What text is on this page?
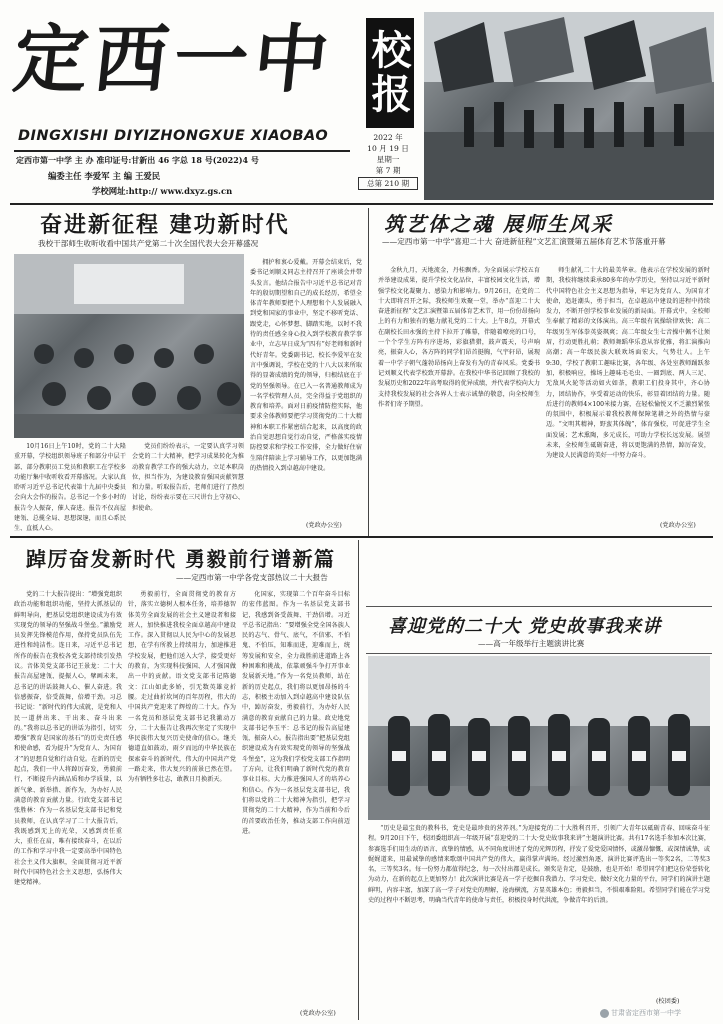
定西一中 校报
DINGXISHI DIYIZHONGXUE XIAOBAO
定西市第一中学 主 办 准印证号:甘新出 46 字总 18 号(2022)4 号
编委主任 李爱军 主 编 王爱民
学校网址:http:// www.dxyz.gs.cn
2022 年
10 月 19 日
星期一
第 7 期
总第 210 期
奋进新征程 建功新时代
我校干部师生收听收看中国共产党第二十次全国代表大会开幕盛况
10月16日上午10时，党的二十大隆重开幕，学校组织领导班子和部分中层干部、部分教职员工党员和教职工在学校多功能厅集中收听收看开幕盛况。大家认真聆听习近平总书记代表第十九届中央委员会向大会作的报告。总书记一个多小时的报告令人振奋，催人奋进。报告不仅高屋建瓴、总揽全局、思想深邃，而且心系民生、直抵人心。
党员们纷纷表示，一定要认真学习领会党的二十大精神，把学习成果转化为推动教育教学工作的强大动力，立足本职岗位，担当作为，为建设教育强国贡献智慧和力量。听取报告后，老师们进行了热烈讨论，纷纷表示要在三尺讲台上守初心、担使命。
拥护和衷心爱戴。开幕会结束后，党委书记刘顺义同志主持召开了座谈会并带头发言。他结合报告中习近平总书记对青年的殷切期望和自己的成长经历，希望全体青年教师要把个人理想和个人发展融入到党和国家的事业中，坚定不移听党话、跟党走，心怀梦想、脚踏实地，以时不我待的责任感全身心投入到学校教育教学事业中，立志早日成为“四有”好老师和新时代好青年。党委副书记、校长李爱军在发言中强调说，学校在党的十八大以来所取得的显著成绩的党的领导，归根结底在于党的坚强领导。在已入一名普通教师成为一名学校管理人员，完全得益于党组织的教育和培养。面对日前疫情防控实际，他要求全体教师要把学习贯彻党的二十大精神和本职工作紧密结合起来，以高度的政治自觉思想自觉行动自觉，严格落实疫情防控要求和学校工作安排，全力做好住宿生陪伴陪读上学习辅导工作，以更加饱满的热情投入到卓越高中建设。
(党政办公室)
筑艺体之魂 展师生风采
——定西市第一中学“喜迎二十大 奋进新征程”文艺汇演暨第五届体育艺术节落重开幕
金秋九月，天地流金，丹桂飘香。为全面展示学校五育并举建设成果，提升学校文化品位，丰富校园文化生活，增强学校文化凝聚力、感染力和影响力。9月26日，在党的二十大即将召开之际，我校师生欢聚一堂，举办“喜迎二十大 奋进新征程”文艺汇演暨第五届体育艺术节，用一份份昂扬向上的有力和独有的魅力献礼党的二十大。上午8点，开幕式在副校长田永强的主持下拉开了帷幕，伴随着嘹亮的口号，一个个学生方阵有序进场，彩旗猎猎，鼓声震天，号声响亮，振奋人心，各方阵的同学们昂首挺胸，气宇轩昂，展现着一中学子朝气蓬勃昂扬向上奋发有为的青春风采。党委书记刘顺义代表学校致开幕辞。在我校中华书记回顾了我校的发展历史和2022年高考取得的优异成绩，并代表学校向大力支持我校发展的社会各界人士表示诚挚的敬意，向全校师生作者们寄予期望。
师生献礼二十大的最美华章。他表示在学校发展的新时期，我校将继续秉承80多年的办学历史，坚持以习近平新时代中国特色社会主义思想为指导，牢记为党育人、为国育才使命，追赶潮头，勇于担当，在卓越高中建设的进程中持续发力，不断开创学校事业发展的新局面。开幕式中，全校师生奉献了精彩的文体演出。高三年级有氧操给律欢快；高二年级男生军体拳英姿飒爽；高二年级女生七音操中佩不让须眉，行动更胜扎萌；教师舞蹈华乐意从容优雅，将汇演推向高潮；高一年级民族大联欢场面宏大，气势壮人。上午9:30，学校了教职工趣味比赛，各年级、各处室教师踊跃参加，积极响应，操场上趣味毛毛虫、一圈到底、两人三足、无敌风火轮等活动如火如荼，教职工们投身其中，齐心协力，团结协作，享受着运动的快乐，彰显着团结的力量。随后进行的教师4×100米接力赛，在轻松愉悦又不乏激烈紧张的氛围中，积极展示着我校教师保障笔耕之外的热情与豪迈。“文明其精神，野蛮其体魄”，体育强校，可促进学生全面发展；艺术熏陶，多元成长，可助力学校长远发展。展望未来，全校师生砥砺奋进，将以更饱满的热情，踔厉奋发，为建设人民满意的美好一中努力奋斗。
(党政办公室)
踔厉奋发新时代 勇毅前行谱新篇
——定西市第一中学各党支部热议二十大报告
党的二十大报告提出：“增强党组织政治功能和组织功能，坚持大抓基层的鲜明导向，把基层党组织建设成为有效实现党的领导的坚强战斗堡垒。”激励党员发挥先锋模范作用，保持党员队伍先进性和纯洁性。连日来，习近平总书记所作的报告在我校各党支部持续引发热议。音体美党支部书记王景龙：二十大报告高屋建瓴、提振人心，擘画未来，总书记的讲话鼓舞人心、催人奋进。我倍感振奋，倍受鼓舞，倍增干劲。习总书记说：“新时代的伟大成就，是党和人民一道拼出来、干出来、奋斗出来的。”我将以总书记的讲话为指引，切实增强“教育是国家的基石”的历史责任感和使命感，看为提升“为党育人、为国育才”的思想自觉和行动自觉。在新的历史起点，我们一中人将踔厉奋发，勇毅前行，不断提升内涵品质和办学质量，以新气象、新举措、新作为，为办好人民满意的教育贡献力量。行政党支部书记张胜林：作为一名基层党支部书记和党员教师，在认真学习了二十大报告后，我既感到无上的光荣，又感到责任重大，重任在肩，唯有接续奋斗，在以后的工作和学习中我一定要高举中国特色社会主义伟大旗帜，全面贯彻习近平新时代中国特色社会主义思想，弘扬伟大建党精神。
勇毅前行，全面贯彻党的教育方针，落实立德树人根本任务，培养德智体美劳全面发展的社会主义建设者和接班人，加快推进我校全面卓越高中建设工作。深入贯彻以人民为中心的发展思想，在学有所教上持续用力，加速推进学校发展，把他们送入大学，接受更好的教育，为实现科技强国、人才强国做出一中的贡献。语文党支部书记陈德文：江山如此多娇，引无数英雄竞折腰。走过曲折坎坷的百年历程，伟大的中国共产党迎来了辉煌的二十大。作为一名党员和基层党支部书记我激动万分，二十大报告让我再次坚定了实现中华民族伟大复兴历史使命的信心。继关德道直如鼓动，雨夕而远的中华民族在探索奋斗的新时代，伟大的中国共产党一路走来，伟大复兴的前景已然在望。为有牺牲多壮志，敢教日月换新天。
化国家，实现第二个百年奋斗目标的宏伟蓝图。作为一名基层党支部书记，我感到备受鼓舞、干劲倍增。习近平总书记指出：“要增强全党全国各族人民的志气、骨气、底气，不信邪、不怕鬼、不怕压，知难而进，迎难而上，统筹发展和安全，全力战胜前进道路上各种困难和挑战，依靠顽强斗争打开事业发展新天地。”作为一名党员教师，站在新的历史起点，我们将以更加昂扬的斗志，积极主动加入到卓越高中建设队伍中，踔厉奋发，勇毅前行，为办好人民满意的教育贡献自己的力量。政史地党支部书记李玉平：总书记的报告高屋建瓴，振奋人心。报告指出要“把基层党组织建设成为有效实现党的领导的坚强战斗堡垒”，这为我们学校党支部工作指明了方向，让我们明确了新时代党的教育事业目标。大力推进强国人才的培养心和信心。作为一名基层党支部书记，我们将以党的二十大精神为指引，把学习贯彻党的二十大精神，作为当前和今后的首要政治任务，推动支部工作向前迈进。
(党政办公室)
喜迎党的二十大 党史故事我来讲
——高一年级举行主题演讲比赛
“历史是最宝贵的教科书，党史是最珍贵的营养剂。”为迎接党的二十大胜利召开，引领广大青年以砥砺青春、回味奋斗征程。9月20日下午，校团委组织高一年级开展“喜迎党的二十大·党史故事我来讲”主题演讲比赛。共有17名选手参加本次比赛，参赛选手们用生动的语言、真挚的情感，从不同角度讲述了党的光辉历程，抒发了爱党爱国情怀，或激昂慷慨、或深情诚挚，或娓娓道来，用最诚挚的感情来歌颂中国共产党的伟大，赢得掌声满场。经过激烈角逐，演讲比赛评选出一等奖2名，二等奖3名，三等奖3名。每一份努力都值得纪念，每一次付出都是成长。颁奖是肯定，是鼓励，也是开始！希望同学们把这份荣誉转化为动力，在新的起点上更加努力！此次演讲比赛是高一学子挖掘自我潜力、学习党史、做好文化力量的平台，同学们的演讲主题鲜明，内容丰富，加深了高一学子对党史的理解，沧海横流，方显英雄本色；勇毅担当，不惧艰难险阻。希望同学们能在学习党史的过程中不断思考，明确当代青年的使命与责任，积极投身时代洪流，争做青年的后浪。
(校团委)
甘肃省定西市第一中学
